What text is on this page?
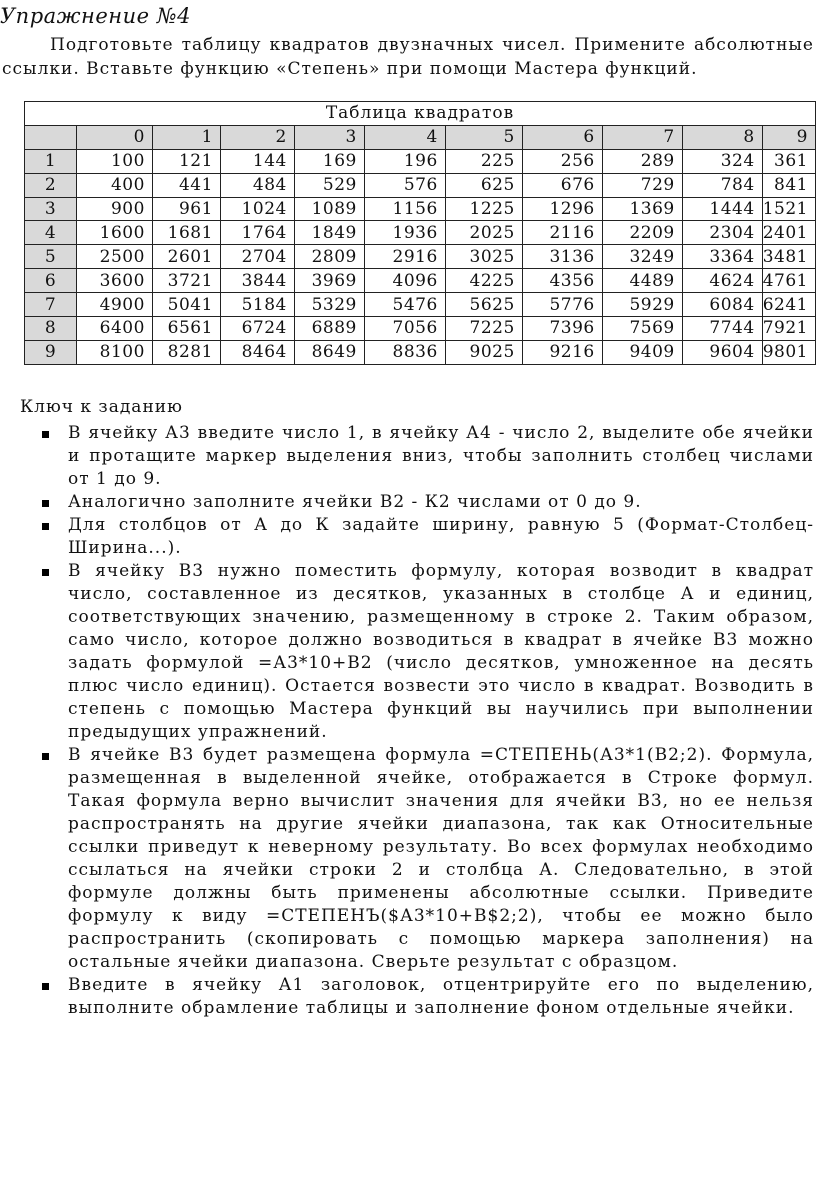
Упражнение №4

Подготовьте таблицу квадратов двузначных чисел. Примените абсолютные ссылки. Вставьте функцию «Степень» при помощи Мастера функций.

Таблица квадратов										
	0	1	2	3	4	5	6	7	8	9
1	100	121	144	169	196	225	256	289	324	361
2	400	441	484	529	576	625	676	729	784	841
3	900	961	1024	1089	1156	1225	1296	1369	1444	1521
4	1600	1681	1764	1849	1936	2025	2116	2209	2304	2401
5	2500	2601	2704	2809	2916	3025	3136	3249	3364	3481
6	3600	3721	3844	3969	4096	4225	4356	4489	4624	4761
7	4900	5041	5184	5329	5476	5625	5776	5929	6084	6241
8	6400	6561	6724	6889	7056	7225	7396	7569	7744	7921
9	8100	8281	8464	8649	8836	9025	9216	9409	9604	9801
Ключ к заданию
В ячейку А3 введите число 1, в ячейку А4 - число 2, выделите обе ячейки и протащите маркер выделения вниз, чтобы заполнить столбец числами от 1 до 9.
Аналогично заполните ячейки В2 - К2 числами от 0 до 9.
Для столбцов от А до К задайте ширину, равную 5 (Формат-Столбец-Ширина...).
В ячейку В3 нужно поместить формулу, которая возводит в квадрат число, составленное из десятков, указанных в столбце А и единиц, соответствующих значению, размещенному в строке 2. Таким образом, само число, которое должно возводиться в квадрат в ячейке В3 можно задать формулой =А3*10+В2 (число десятков, умноженное на десять плюс число единиц). Остается возвести это число в квадрат. Возводить в степень с помощью Мастера функций вы научились при выполнении предыдущих упражнений.
В ячейке В3 будет размещена формула =СТЕПЕНЬ(А3*1(В2;2). Формула, размещенная в выделенной ячейке, отображается в Строке формул. Такая формула верно вычислит значения для ячейки В3, но ее нельзя распространять на другие ячейки диапазона, так как Относительные ссылки приведут к неверному результату. Во всех формулах необходимо ссылаться на ячейки строки 2 и столбца А. Следовательно, в этой формуле должны быть применены абсолютные ссылки. Приведите формулу к виду =СТЕПЕНЪ($А3*10+В$2;2), чтобы ее можно было распространить (скопировать с помощью маркера заполнения) на остальные ячейки диапазона. Сверьте результат с образцом.
Введите в ячейку А1 заголовок, отцентрируйте его по выделению, выполните обрамление таблицы и заполнение фоном отдельные ячейки.
